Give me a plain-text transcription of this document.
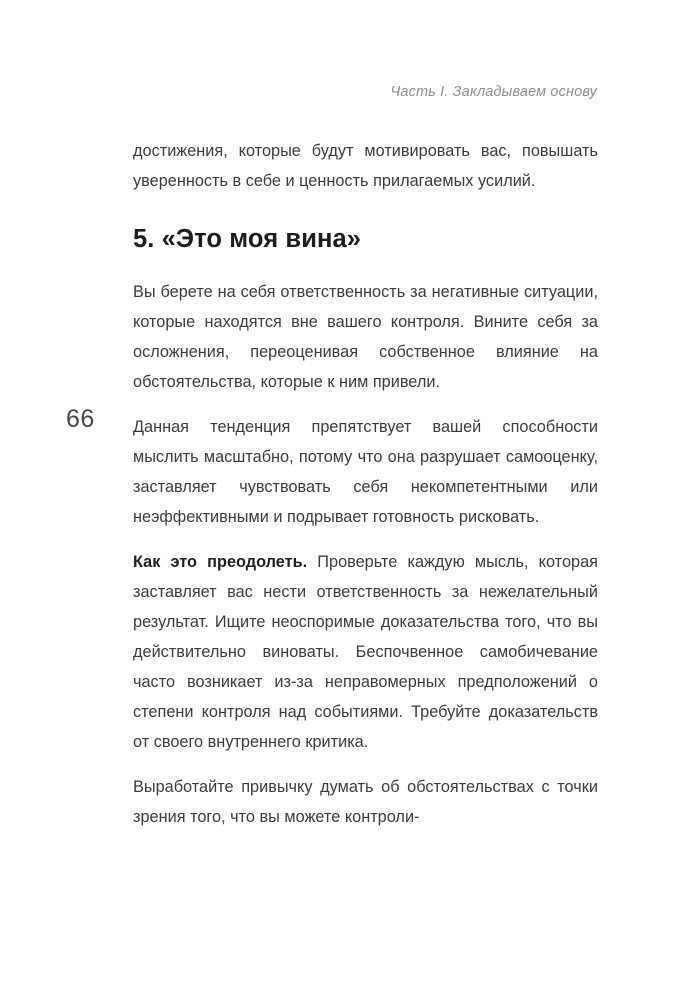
Часть I. Закладываем основу
66

достижения, которые будут мотивировать вас, повышать уверенность в себе и ценность прилагаемых усилий.

5. «Это моя вина»

Вы берете на себя ответственность за негативные ситуации, которые находятся вне вашего контроля. Вините себя за осложнения, переоценивая собственное влияние на обстоятельства, которые к ним привели.

Данная тенденция препятствует вашей способности мыслить масштабно, потому что она разрушает самооценку, заставляет чувствовать себя некомпетентными или неэффективными и подрывает готовность рисковать.

Как это преодолеть. Проверьте каждую мысль, которая заставляет вас нести ответственность за нежелательный результат. Ищите неоспоримые доказательства того, что вы действительно виноваты. Беспочвенное самобичевание часто возникает из-за неправомерных предположений о степени контроля над событиями. Требуйте доказательств от своего внутреннего критика.

Выработайте привычку думать об обстоятельствах с точки зрения того, что вы можете контроли-
